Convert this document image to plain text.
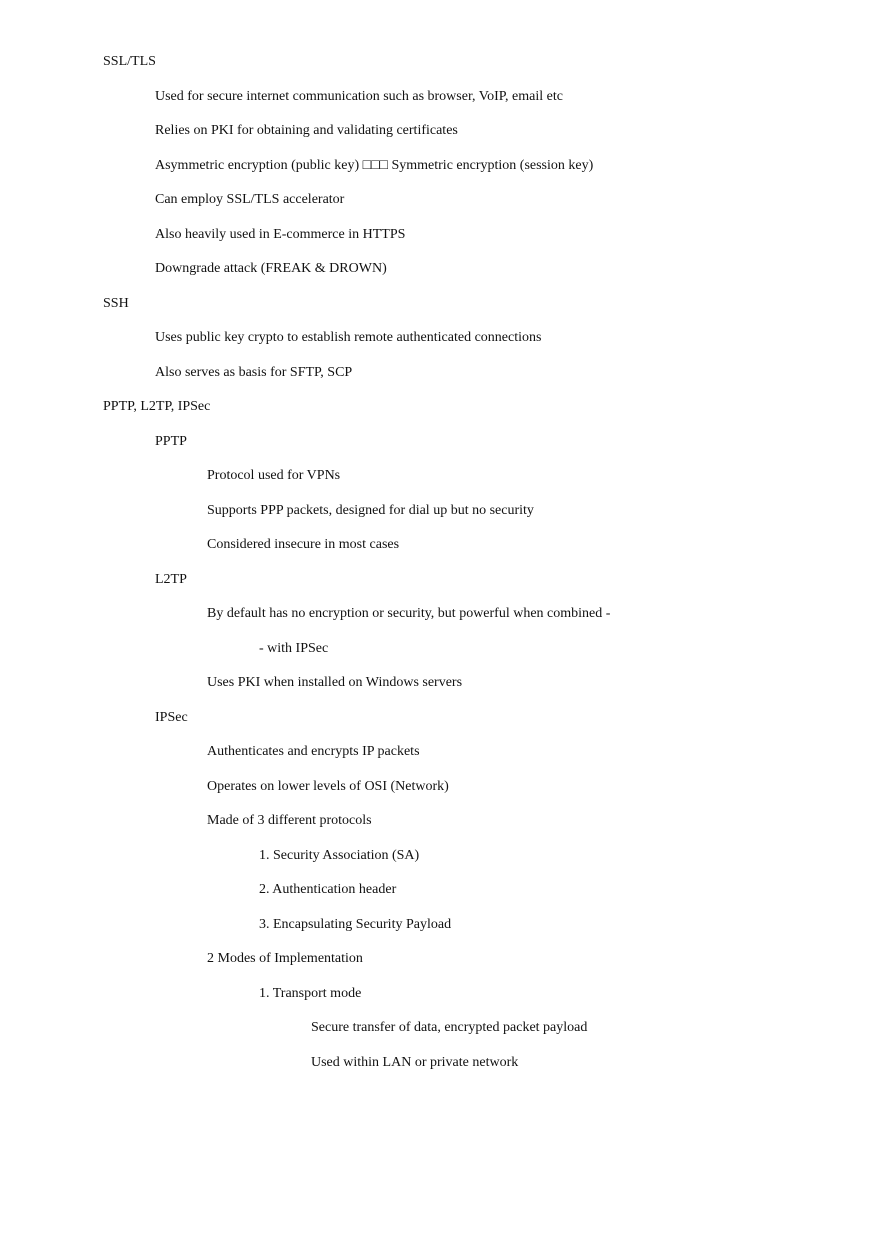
SSL/TLS
Used for secure internet communication such as browser, VoIP, email etc
Relies on PKI for obtaining and validating certificates
Asymmetric encryption (public key) □□□ Symmetric encryption (session key)
Can employ SSL/TLS accelerator
Also heavily used in E-commerce in HTTPS
Downgrade attack (FREAK & DROWN)
SSH
Uses public key crypto to establish remote authenticated connections
Also serves as basis for SFTP, SCP
PPTP, L2TP, IPSec
PPTP
Protocol used for VPNs
Supports PPP packets, designed for dial up but no security
Considered insecure in most cases
L2TP
By default has no encryption or security, but powerful when combined -
- with IPSec
Uses PKI when installed on Windows servers
IPSec
Authenticates and encrypts IP packets
Operates on lower levels of OSI (Network)
Made of 3 different protocols
1. Security Association (SA)
2. Authentication header
3. Encapsulating Security Payload
2 Modes of Implementation
1. Transport mode
Secure transfer of data, encrypted packet payload
Used within LAN or private network
